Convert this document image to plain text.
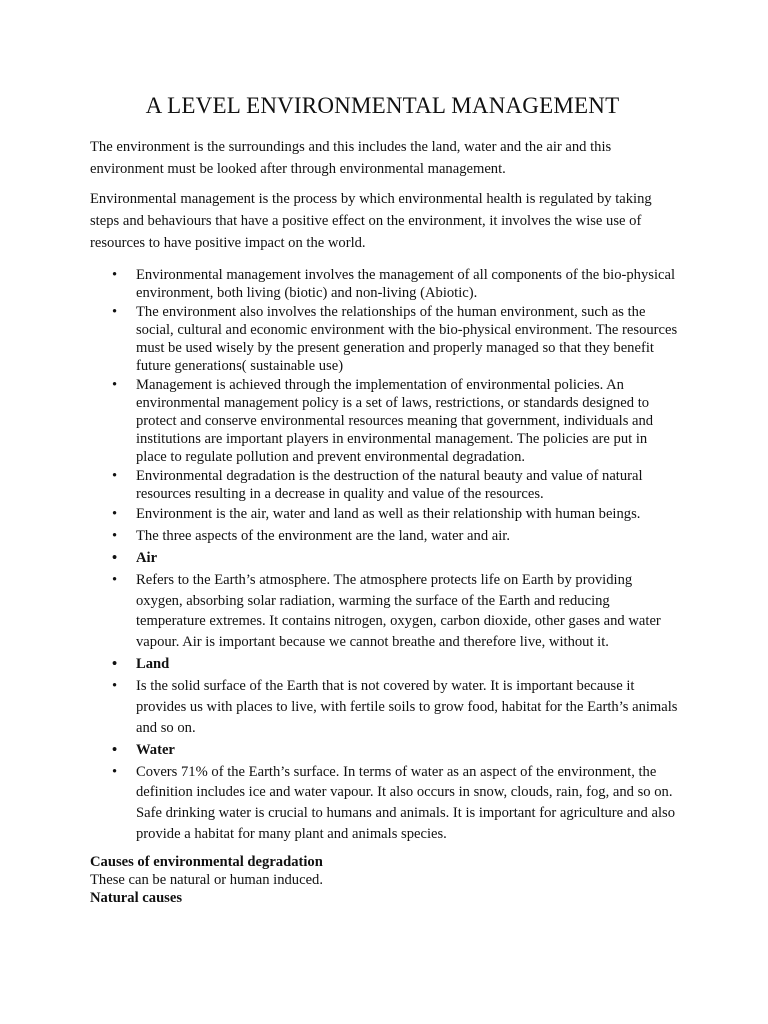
A LEVEL ENVIRONMENTAL MANAGEMENT

The environment is the surroundings and this includes the land, water and the air and this environment must be looked after through environmental management.

Environmental management is the process by which environmental health is regulated by taking steps and behaviours that have a positive effect on the environment, it involves the wise use of resources to have positive impact on the world.

• Environmental management involves the management of all components of the bio-physical environment, both living (biotic) and non-living (Abiotic).
• The environment also involves the relationships of the human environment, such as the social, cultural and economic environment with the bio-physical environment. The resources must be used wisely by the present generation and properly managed so that they benefit future generations( sustainable use)
• Management is achieved through the implementation of environmental policies. An environmental management policy is a set of laws, restrictions, or standards designed to protect and conserve environmental resources meaning that government, individuals and institutions are important players in environmental management. The policies are put in place to regulate pollution and prevent environmental degradation.
• Environmental degradation is the destruction of the natural beauty and value of natural resources resulting in a decrease in quality and value of the resources.
• Environment is the air, water and land as well as their relationship with human beings.
• The three aspects of the environment are the land, water and air.
• Air
• Refers to the Earth’s atmosphere. The atmosphere protects life on Earth by providing oxygen, absorbing solar radiation, warming the surface of the Earth and reducing temperature extremes. It contains nitrogen, oxygen, carbon dioxide, other gases and water vapour. Air is important because we cannot breathe and therefore live, without it.
• Land
• Is the solid surface of the Earth that is not covered by water. It is important because it provides us with places to live, with fertile soils to grow food, habitat for the Earth’s animals and so on.
• Water
• Covers 71% of the Earth’s surface. In terms of water as an aspect of the environment, the definition includes ice and water vapour. It also occurs in snow, clouds, rain, fog, and so on. Safe drinking water is crucial to humans and animals. It is important for agriculture and also provide a habitat for many plant and animals species.

Causes of environmental degradation

These can be natural or human induced.

Natural causes
